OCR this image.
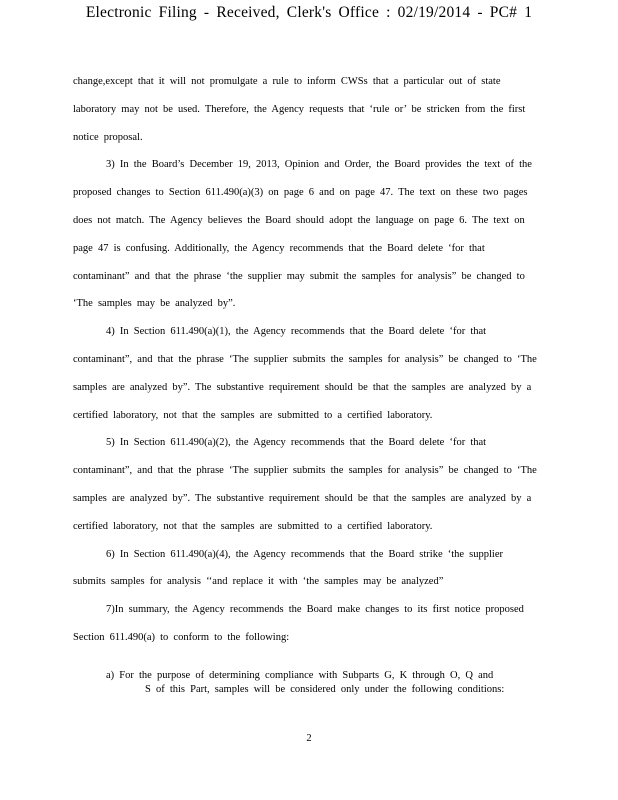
Electronic Filing - Received, Clerk's Office : 02/19/2014 - PC# 1

change,except that it will not promulgate a rule to inform CWSs that a particular out of state laboratory may not be used. Therefore, the Agency requests that ‘rule or’ be stricken from the first notice proposal.

3) In the Board’s December 19, 2013, Opinion and Order, the Board provides the text of the proposed changes to Section 611.490(a)(3) on page 6 and on page 47. The text on these two pages does not match. The Agency believes the Board should adopt the language on page 6. The text on page 47 is confusing. Additionally, the Agency recommends that the Board delete ‘for that contaminant” and that the phrase ‘the supplier may submit the samples for analysis” be changed to ‘The samples may be analyzed by”.

4) In Section 611.490(a)(1), the Agency recommends that the Board delete ‘for that contaminant”, and that the phrase ‘The supplier submits the samples for analysis” be changed to ‘The samples are analyzed by”. The substantive requirement should be that the samples are analyzed by a certified laboratory, not that the samples are submitted to a certified laboratory.

5) In Section 611.490(a)(2), the Agency recommends that the Board delete ‘for that contaminant”, and that the phrase ‘The supplier submits the samples for analysis” be changed to ‘The samples are analyzed by”. The substantive requirement should be that the samples are analyzed by a certified laboratory, not that the samples are submitted to a certified laboratory.

6) In Section 611.490(a)(4), the Agency recommends that the Board strike ‘the supplier submits samples for analysis ‘‘and replace it with ‘the samples may be analyzed”

7)In summary, the Agency recommends the Board make changes to its first notice proposed Section 611.490(a) to conform to the following:

a) For the purpose of determining compliance with Subparts G, K through O, Q and
S of this Part, samples will be considered only under the following conditions:
2
